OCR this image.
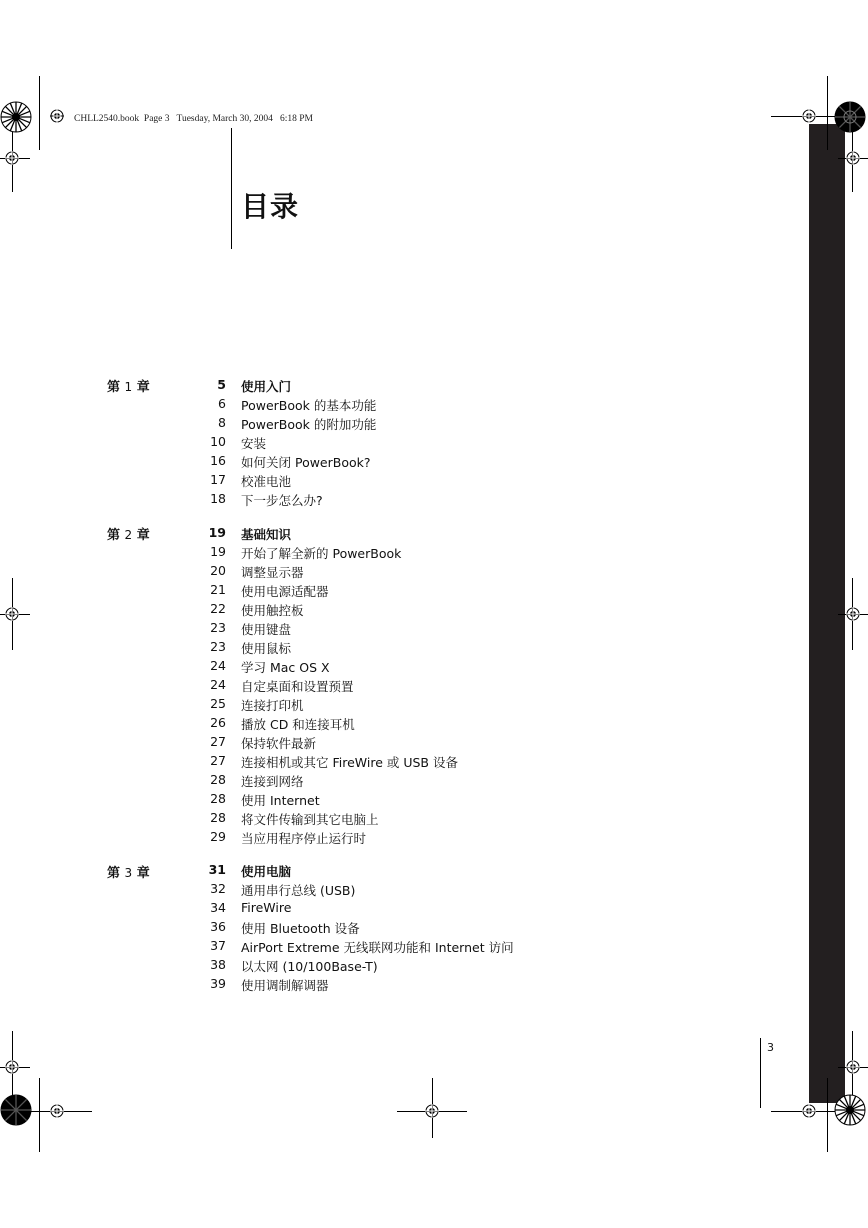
CHLL2540.book  Page 3   Tuesday, March 30, 2004   6:18 PM
目录
3
第 1 章	5 使用入门
6 PowerBook 的基本功能
8 PowerBook 的附加功能
10 安装
16 如何关闭 PowerBook?
17 校准电池
18 下一步怎么办?
第 2 章	19 基础知识
19 开始了解全新的 PowerBook
20 调整显示器
21 使用电源适配器
22 使用触控板
23 使用键盘
23 使用鼠标
24 学习 Mac OS X
24 自定桌面和设置预置
25 连接打印机
26 播放 CD 和连接耳机
27 保持软件最新
27 连接相机或其它 FireWire 或 USB 设备
28 连接到网络
28 使用 Internet
28 将文件传输到其它电脑上
29 当应用程序停止运行时
第 3 章	31 使用电脑
32 通用串行总线 (USB)
34 FireWire
36 使用 Bluetooth 设备
37 AirPort Extreme 无线联网功能和 Internet 访问
38 以太网 (10/100Base-T)
39 使用调制解调器
